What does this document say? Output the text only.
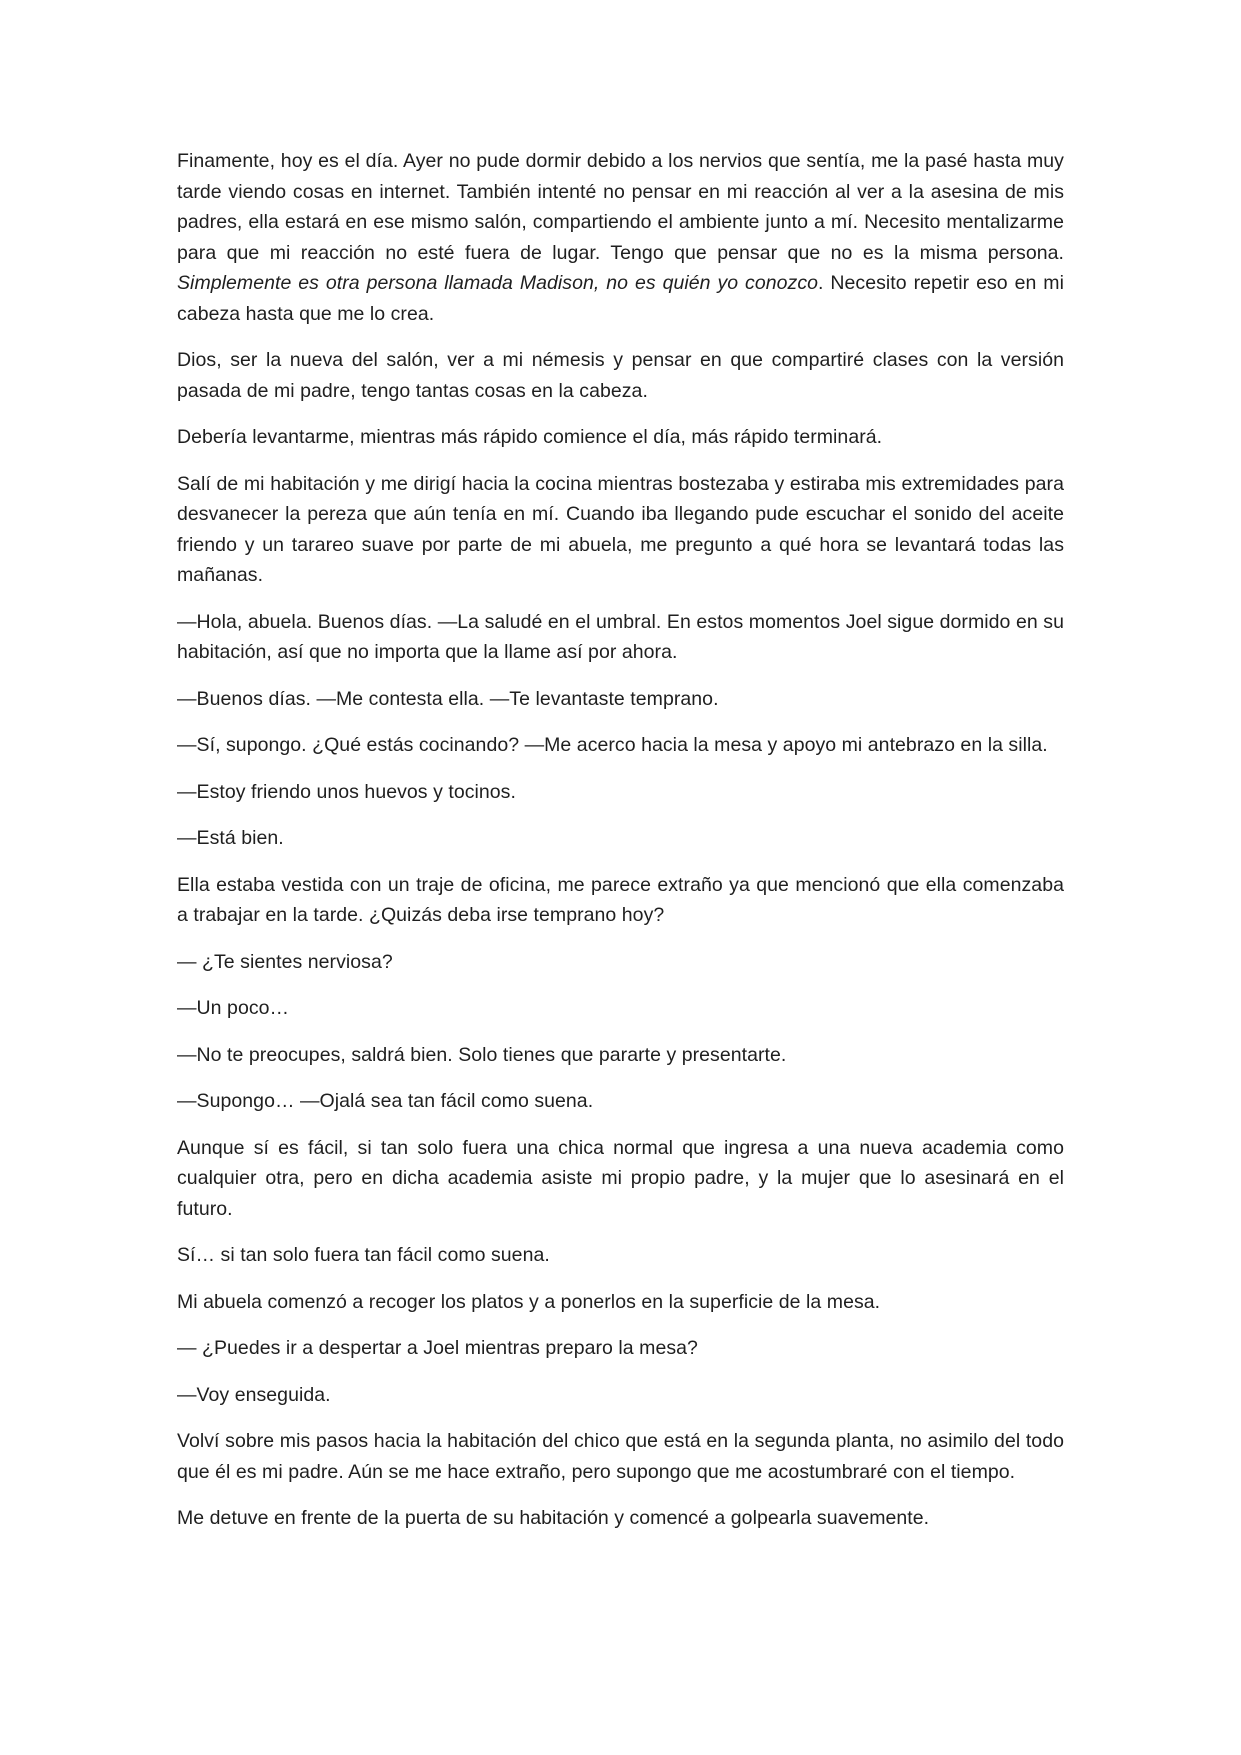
Finamente, hoy es el día. Ayer no pude dormir debido a los nervios que sentía, me la pasé hasta muy tarde viendo cosas en internet. También intenté no pensar en mi reacción al ver a la asesina de mis padres, ella estará en ese mismo salón, compartiendo el ambiente junto a mí. Necesito mentalizarme para que mi reacción no esté fuera de lugar. Tengo que pensar que no es la misma persona. Simplemente es otra persona llamada Madison, no es quién yo conozco. Necesito repetir eso en mi cabeza hasta que me lo crea.

Dios, ser la nueva del salón, ver a mi némesis y pensar en que compartiré clases con la versión pasada de mi padre, tengo tantas cosas en la cabeza.

Debería levantarme, mientras más rápido comience el día, más rápido terminará.

Salí de mi habitación y me dirigí hacia la cocina mientras bostezaba y estiraba mis extremidades para desvanecer la pereza que aún tenía en mí. Cuando iba llegando pude escuchar el sonido del aceite friendo y un tarareo suave por parte de mi abuela, me pregunto a qué hora se levantará todas las mañanas.

—Hola, abuela. Buenos días. —La saludé en el umbral. En estos momentos Joel sigue dormido en su habitación, así que no importa que la llame así por ahora.

—Buenos días. —Me contesta ella. —Te levantaste temprano.

—Sí, supongo. ¿Qué estás cocinando? —Me acerco hacia la mesa y apoyo mi antebrazo en la silla.

—Estoy friendo unos huevos y tocinos.

—Está bien.

Ella estaba vestida con un traje de oficina, me parece extraño ya que mencionó que ella comenzaba a trabajar en la tarde. ¿Quizás deba irse temprano hoy?

— ¿Te sientes nerviosa?

—Un poco…

—No te preocupes, saldrá bien. Solo tienes que pararte y presentarte.

—Supongo… —Ojalá sea tan fácil como suena.

Aunque sí es fácil, si tan solo fuera una chica normal que ingresa a una nueva academia como cualquier otra, pero en dicha academia asiste mi propio padre, y la mujer que lo asesinará en el futuro.

Sí… si tan solo fuera tan fácil como suena.

Mi abuela comenzó a recoger los platos y a ponerlos en la superficie de la mesa.

— ¿Puedes ir a despertar a Joel mientras preparo la mesa?

—Voy enseguida.

Volví sobre mis pasos hacia la habitación del chico que está en la segunda planta, no asimilo del todo que él es mi padre. Aún se me hace extraño, pero supongo que me acostumbraré con el tiempo.

Me detuve en frente de la puerta de su habitación y comencé a golpearla suavemente.
